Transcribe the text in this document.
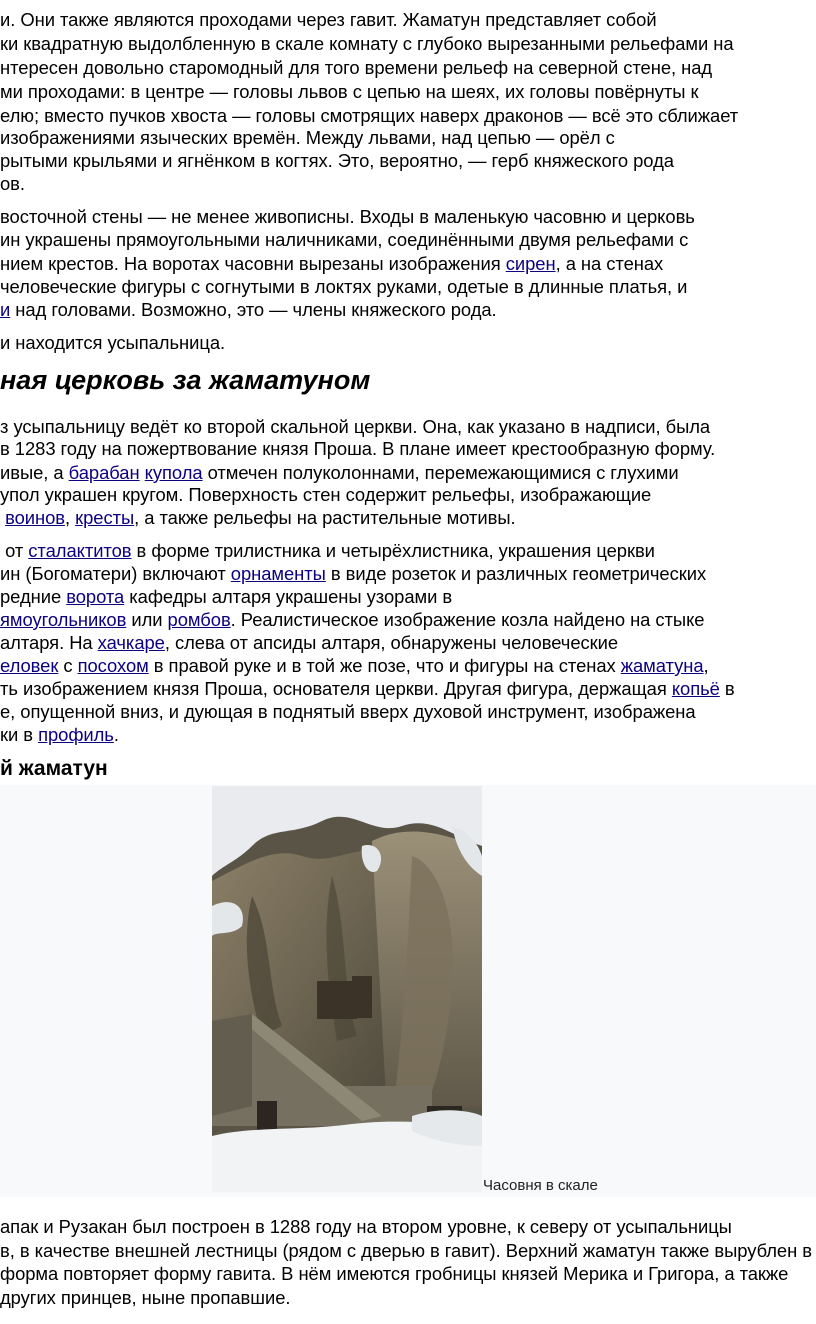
и. Они также являются проходами через гавит. Жаматун представляет собой
ки квадратную выдолбленную в скале комнату с глубоко вырезанными рельефами на
нтересен довольно старомодный для того времени рельеф на северной стене, над
ми проходами: в центре — головы львов с цепью на шеях, их головы повёрнуты к
елю; вместо пучков хвоста — головы смотрящих наверх драконов — всё это сближает
изображениями языческих времён. Между львами, над цепью — орёл с
рытыми крыльями и ягнёнком в когтях. Это, вероятно, — герб княжеского рода
ов.
восточной стены — не менее живописны. Входы в маленькую часовню и церковь
ин украшены прямоугольными наличниками, соединёнными двумя рельефами с
нием крестов. На воротах часовни вырезаны изображения сирен, а на стенах
человеческие фигуры с согнутыми в локтях руками, одетые в длинные платья, и
и над головами. Возможно, это — члены княжеского рода.
и находится усыпальница.
ная церковь за жаматуном
з усыпальницу ведёт ко второй скальной церкви. Она, как указано в надписи, была
в 1283 году на пожертвование князя Проша. В плане имеет крестообразную форму.
ивые, а барабан купола отмечен полуколоннами, перемежающимися с глухими
упол украшен кругом. Поверхность стен содержит рельефы, изображающие
воинов, кресты, а также рельефы на растительные мотивы.
от сталактитов в форме трилистника и четырёхлистника, украшения церкви
ин (Богоматери) включают орнаменты в виде розеток и различных геометрических
редние ворота кафедры алтаря украшены узорами в
ямоугольников или ромбов. Реалистическое изображение козла найдено на стыке
алтаря. На хачкаре, слева от апсиды алтаря, обнаружены человеческие
еловек с посохом в правой руке и в той же позе, что и фигуры на стенах жаматуна,
ть изображением князя Проша, основателя церкви. Другая фигура, держащая копьё в
е, опущенной вниз, и дующая в поднятый вверх духовой инструмент, изображена
ки в профиль.
й жаматун
Часовня в скале
апак и Рузакан был построен в 1288 году на втором уровне, к северу от усыпальницы
в, в качестве внешней лестницы (рядом с дверью в гавит). Верхний жаматун также вырублен в
форма повторяет форму гавита. В нём имеются гробницы князей Мерика и Григора, а также
других принцев, ныне пропавшие.
